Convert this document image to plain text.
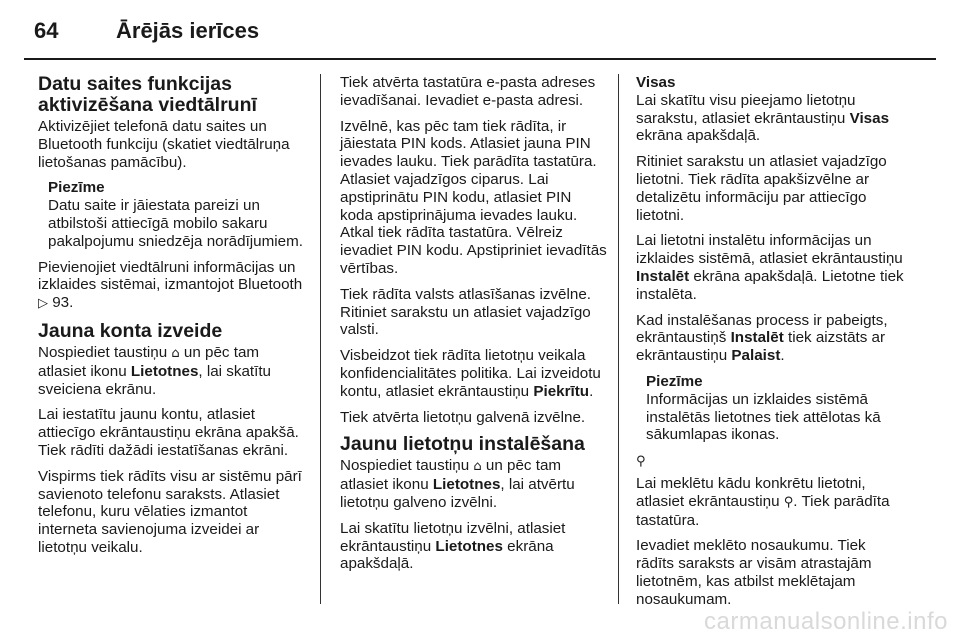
64	Ārējās ierīces
Datu saites funkcijas
aktivizēšana viedtālrunī

Aktivizējiet telefonā datu saites un Bluetooth funkciju (skatiet viedtālruņa lietošanas pamācību).

Piezīme
Datu saite ir jāiestata pareizi un atbilstoši attiecīgā mobilo sakaru pakalpojumu sniedzēja norādījumiem.

Pievienojiet viedtālruni informācijas un izklaides sistēmai, izmantojot Bluetooth ▷ 93.

Jauna konta izveide

Nospiediet taustiņu ⌂ un pēc tam atlasiet ikonu Lietotnes, lai skatītu sveiciena ekrānu.

Lai iestatītu jaunu kontu, atlasiet attiecīgo ekrāntaustiņu ekrāna apakšā. Tiek rādīti dažādi iestatīšanas ekrāni.

Vispirms tiek rādīts visu ar sistēmu pārī savienoto telefonu saraksts. Atlasiet telefonu, kuru vēlaties izmantot interneta savienojuma izveidei ar lietotņu veikalu.

Tiek atvērta tastatūra e-pasta adreses ievadīšanai. Ievadiet e-pasta adresi.

Izvēlnē, kas pēc tam tiek rādīta, ir jāiestata PIN kods. Atlasiet jauna PIN ievades lauku. Tiek parādīta tastatūra. Atlasiet vajadzīgos ciparus. Lai apstiprinātu PIN kodu, atlasiet PIN koda apstiprinājuma ievades lauku. Atkal tiek rādīta tastatūra. Vēlreiz ievadiet PIN kodu. Apstipriniet ievadītās vērtības.

Tiek rādīta valsts atlasīšanas izvēlne. Ritiniet sarakstu un atlasiet vajadzīgo valsti.

Visbeidzot tiek rādīta lietotņu veikala konfidencialitātes politika. Lai izveidotu kontu, atlasiet ekrāntaustiņu Piekrītu.

Tiek atvērta lietotņu galvenā izvēlne.

Jaunu lietotņu instalēšana

Nospiediet taustiņu ⌂ un pēc tam atlasiet ikonu Lietotnes, lai atvērtu lietotņu galveno izvēlni.

Lai skatītu lietotņu izvēlni, atlasiet ekrāntaustiņu Lietotnes ekrāna apakšdaļā.

Visas

Lai skatītu visu pieejamo lietotņu sarakstu, atlasiet ekrāntaustiņu Visas ekrāna apakšdaļā.

Ritiniet sarakstu un atlasiet vajadzīgo lietotni. Tiek rādīta apakšizvēlne ar detalizētu informāciju par attiecīgo lietotni.

Lai lietotni instalētu informācijas un izklaides sistēmā, atlasiet ekrāntaustiņu Instalēt ekrāna apakšdaļā. Lietotne tiek instalēta.

Kad instalēšanas process ir pabeigts, ekrāntaustiņš Instalēt tiek aizstāts ar ekrāntaustiņu Palaist.

Piezīme
Informācijas un izklaides sistēmā instalētās lietotnes tiek attēlotas kā sākumlapas ikonas.
⚲

Lai meklētu kādu konkrētu lietotni, atlasiet ekrāntaustiņu ⚲. Tiek parādīta tastatūra.

Ievadiet meklēto nosaukumu. Tiek rādīts saraksts ar visām atrastajām lietotnēm, kas atbilst meklētajam nosaukumam.

carmanualsonline.info
